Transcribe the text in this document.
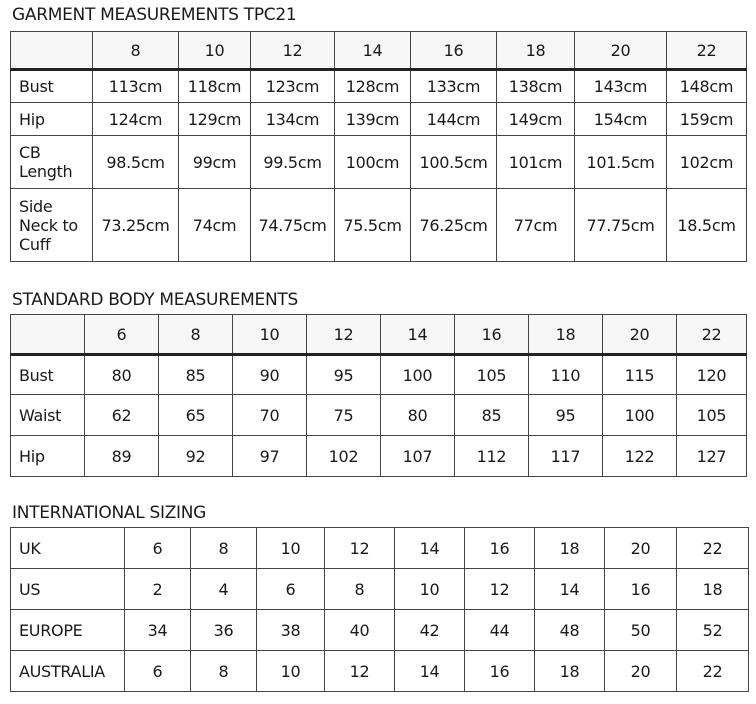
GARMENT MEASUREMENTS TPC21
	8	10	12	14	16	18	20	22
Bust	113cm	118cm	123cm	128cm	133cm	138cm	143cm	148cm
Hip	124cm	129cm	134cm	139cm	144cm	149cm	154cm	159cm
CB Length	98.5cm	99cm	99.5cm	100cm	100.5cm	101cm	101.5cm	102cm
Side Neck to Cuff	73.25cm	74cm	74.75cm	75.5cm	76.25cm	77cm	77.75cm	18.5cm
STANDARD BODY MEASUREMENTS
	6	8	10	12	14	16	18	20	22
Bust	80	85	90	95	100	105	110	115	120
Waist	62	65	70	75	80	85	95	100	105
Hip	89	92	97	102	107	112	117	122	127
INTERNATIONAL SIZING
UK	6	8	10	12	14	16	18	20	22
US	2	4	6	8	10	12	14	16	18
EUROPE	34	36	38	40	42	44	48	50	52
AUSTRALIA	6	8	10	12	14	16	18	20	22
